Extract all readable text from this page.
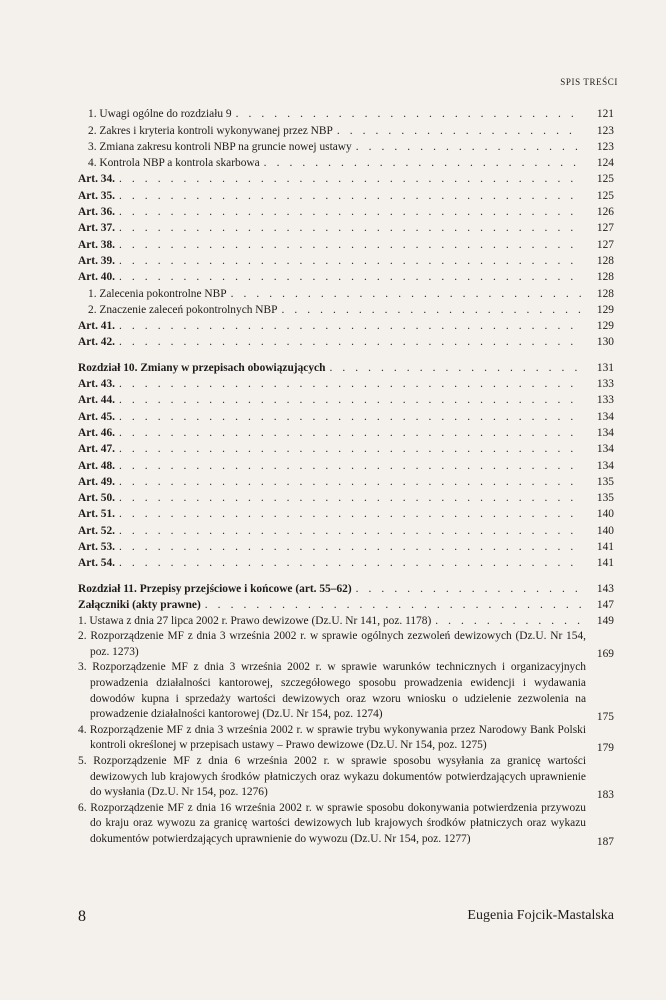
SPIS TREŚCI
1. Uwagi ogólne do rozdziału 9 . . .	121
2. Zakres i kryteria kontroli wykonywanej przez NBP . . .	123
3. Zmiana zakresu kontroli NBP na gruncie nowej ustawy . . .	123
4. Kontrola NBP a kontrola skarbowa . . .	124
Art. 34. . . .	125
Art. 35. . . .	125
Art. 36. . . .	126
Art. 37. . . .	127
Art. 38. . . .	127
Art. 39. . . .	128
Art. 40. . . .	128
1. Zalecenia pokontrolne NBP . . .	128
2. Znaczenie zaleceń pokontrolnych NBP . . .	129
Art. 41. . . .	129
Art. 42. . . .	130
Rozdział 10. Zmiany w przepisach obowiązujących . . .	131
Art. 43. . . .	133
Art. 44. . . .	133
Art. 45. . . .	134
Art. 46. . . .	134
Art. 47. . . .	134
Art. 48. . . .	134
Art. 49. . . .	135
Art. 50. . . .	135
Art. 51. . . .	140
Art. 52. . . .	140
Art. 53. . . .	141
Art. 54. . . .	141
Rozdział 11. Przepisy przejściowe i końcowe (art. 55–62) . . .	143
Załączniki (akty prawne) . . .	147
1. Ustawa z dnia 27 lipca 2002 r. Prawo dewizowe (Dz.U. Nr 141, poz. 1178) . . .	149
2. Rozporządzenie MF z dnia 3 września 2002 r. w sprawie ogólnych zezwoleń dewizowych (Dz.U. Nr 154, poz. 1273)	169
3. Rozporządzenie MF z dnia 3 września 2002 r. w sprawie warunków technicznych i organizacyjnych prowadzenia działalności kantorowej, szczegółowego sposobu prowadzenia ewidencji i wydawania dowodów kupna i sprzedaży wartości dewizowych oraz wzoru wniosku o udzielenie zezwolenia na prowadzenie działalności kantorowej (Dz.U. Nr 154, poz. 1274)	175
4. Rozporządzenie MF z dnia 3 września 2002 r. w sprawie trybu wykonywania przez Narodowy Bank Polski kontroli określonej w przepisach ustawy – Prawo dewizowe (Dz.U. Nr 154, poz. 1275)	179
5. Rozporządzenie MF z dnia 6 września 2002 r. w sprawie sposobu wysyłania za granicę wartości dewizowych lub krajowych środków płatniczych oraz wykazu dokumentów potwierdzających uprawnienie do wysłania (Dz.U. Nr 154, poz. 1276)	183
6. Rozporządzenie MF z dnia 16 września 2002 r. w sprawie sposobu dokonywania potwierdzenia przywozu do kraju oraz wywozu za granicę wartości dewizowych lub krajowych środków płatniczych oraz wykazu dokumentów potwierdzających uprawnienie do wywozu (Dz.U. Nr 154, poz. 1277)	187
8	Eugenia Fojcik-Mastalska
